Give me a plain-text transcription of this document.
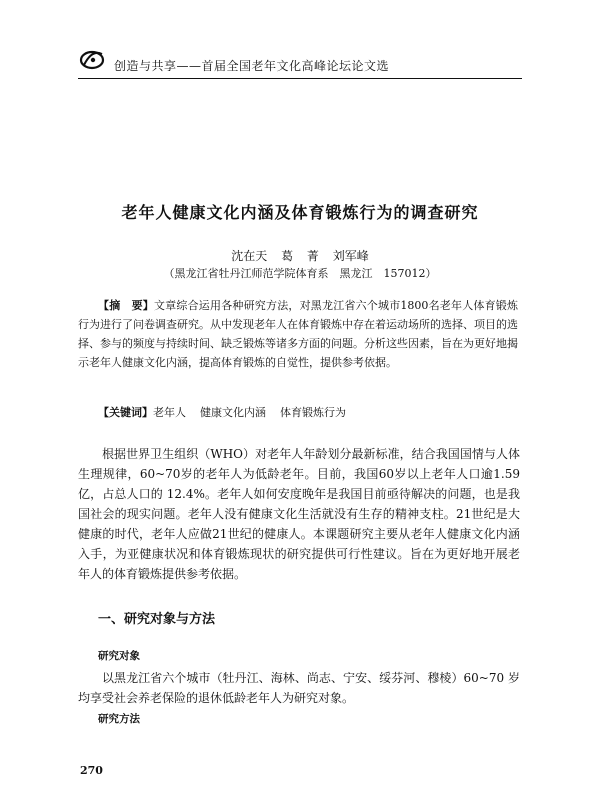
创造与共享——首届全国老年文化高峰论坛论文选
老年人健康文化内涵及体育锻炼行为的调查研究
沈在天 葛 菁 刘军峰
（黑龙江省牡丹江师范学院体育系　黑龙江　157012）

【摘　要】文章综合运用各种研究方法，对黑龙江省六个城市1800名老年人体育锻炼行为进行了问卷调查研究。从中发现老年人在体育锻炼中存在着运动场所的选择、项目的选择、参与的频度与持续时间、缺乏锻炼等诸多方面的问题。分析这些因素，旨在为更好地揭示老年人健康文化内涵，提高体育锻炼的自觉性，提供参考依据。

【关键词】老年人 健康文化内涵 体育锻炼行为

根据世界卫生组织（WHO）对老年人年龄划分最新标准，结合我国国情与人体生理规律，60~70岁的老年人为低龄老年。目前，我国60岁以上老年人口逾1.59亿，占总人口的 12.4%。老年人如何安度晚年是我国目前亟待解决的问题，也是我国社会的现实问题。老年人没有健康文化生活就没有生存的精神支柱。21世纪是大健康的时代，老年人应做21世纪的健康人。本课题研究主要从老年人健康文化内涵入手，为亚健康状况和体育锻炼现状的研究提供可行性建议。旨在为更好地开展老年人的体育锻炼提供参考依据。

一、研究对象与方法
研究对象

以黑龙江省六个城市（牡丹江、海林、尚志、宁安、绥芬河、穆棱）60~70 岁均享受社会养老保险的退休低龄老年人为研究对象。

研究方法
270
